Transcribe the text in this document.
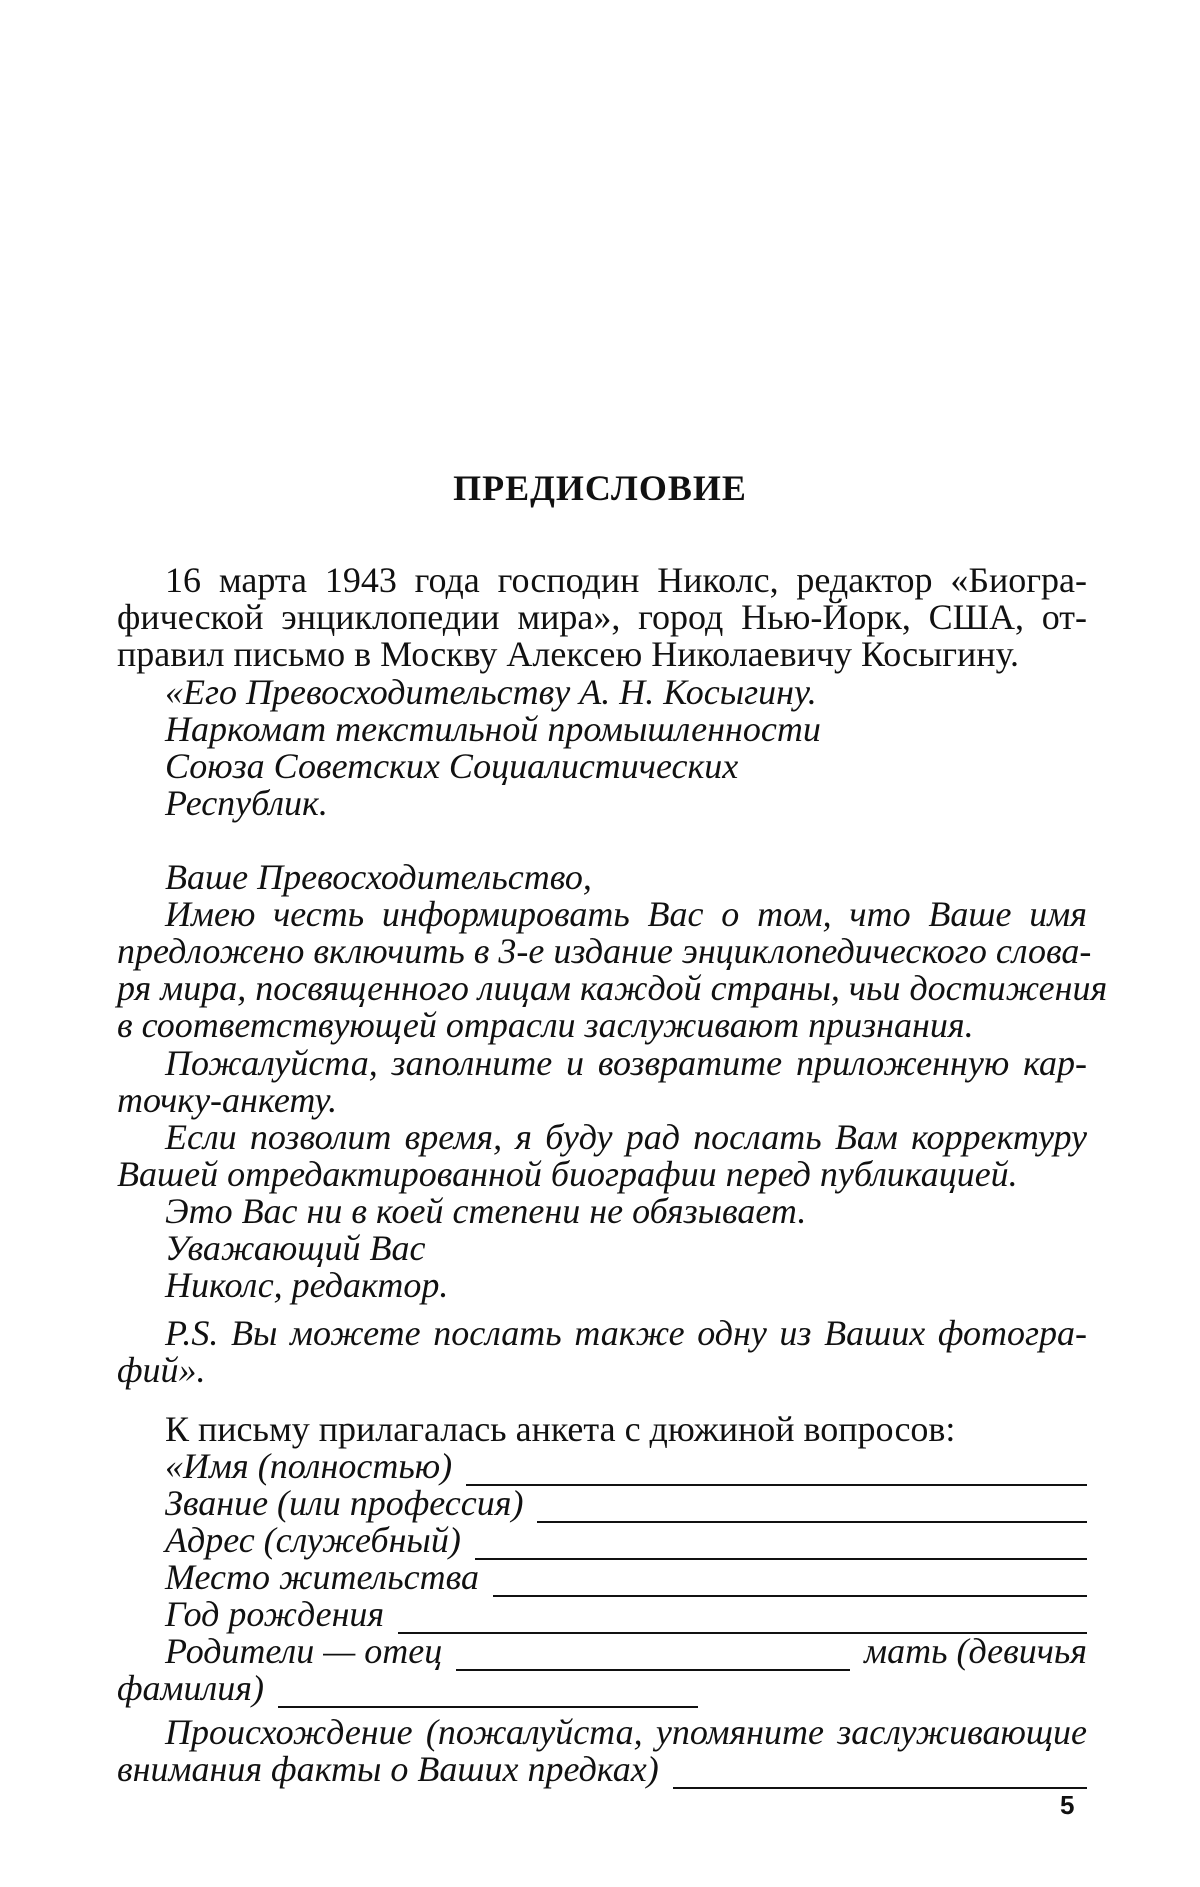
ПРЕДИСЛОВИЕ
16 марта 1943 года господин Николс, редактор «Биогра-
фической энциклопедии мира», город Нью-Йорк, США, от-
правил письмо в Москву Алексею Николаевичу Косыгину.
«Его Превосходительству А. Н. Косыгину.
Наркомат текстильной промышленности
Союза Советских Социалистических
Республик.
Ваше Превосходительство,
Имею честь информировать Вас о том, что Ваше имя
предложено включить в 3-е издание энциклопедического слова-
ря мира, посвященного лицам каждой страны, чьи достижения
в соответствующей отрасли заслуживают признания.
Пожалуйста, заполните и возвратите приложенную кар-
точку-анкету.
Если позволит время, я буду рад послать Вам корректуру
Вашей отредактированной биографии перед публикацией.
Это Вас ни в коей степени не обязывает.
Уважающий Вас
Николс, редактор.
P.S. Вы можете послать также одну из Ваших фотогра-
фий».
К письму прилагалась анкета с дюжиной вопросов:
«Имя (полностью)
Звание (или профессия)
Адрес (служебный)
Место жительства
Год рождения
Родители — отец	мать (девичья
фамилия)
Происхождение (пожалуйста, упомяните заслуживающие
внимания факты о Ваших предках)
5
